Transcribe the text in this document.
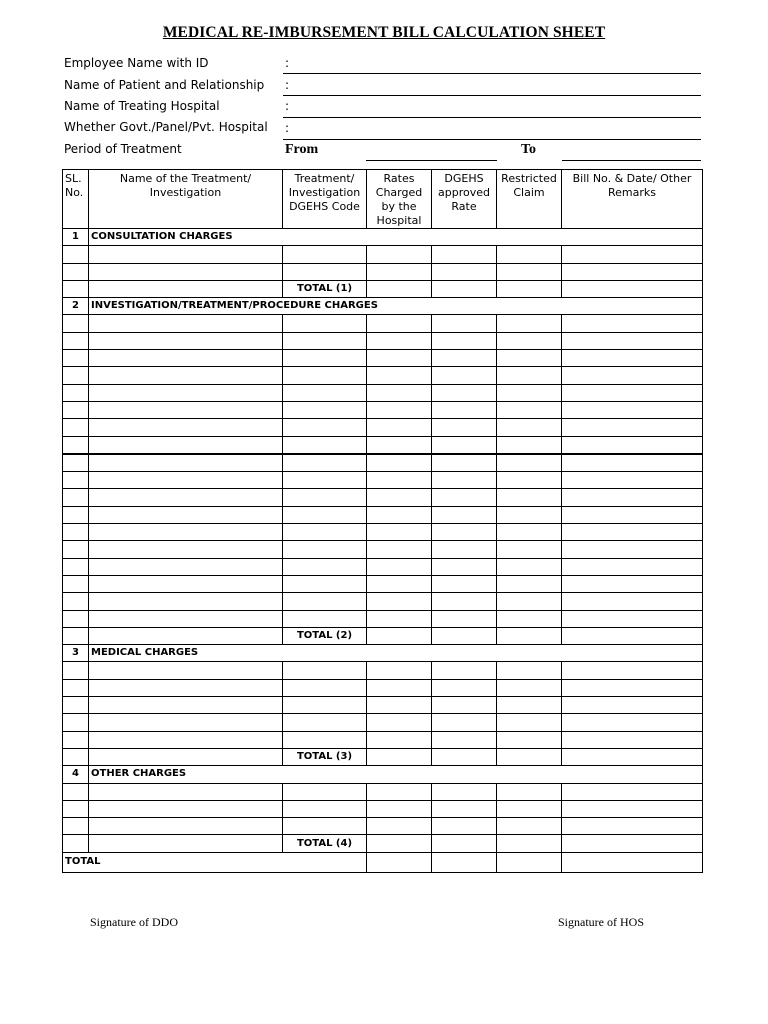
MEDICAL RE-IMBURSEMENT BILL CALCULATION SHEET
Employee Name with ID	:
Name of Patient and Relationship :
Name of Treating Hospital	:
Whether Govt./Panel/Pvt. Hospital :
Period of Treatment	From	To
SL. No.	Name of the Treatment/ Investigation	Treatment/ Investigation DGEHS Code	Rates Charged by the Hospital	DGEHS approved Rate	Restricted Claim	Bill No. & Date/ Other Remarks
1	CONSULTATION CHARGES					

		TOTAL (1)				
2	INVESTIGATION/TREATMENT/PROCEDURE CHARGES					

		TOTAL (2)				
3	MEDICAL CHARGES					

		TOTAL (3)				
4	OTHER CHARGES					

		TOTAL (4)				
TOTAL						
Signature of DDO	Signature of HOS
